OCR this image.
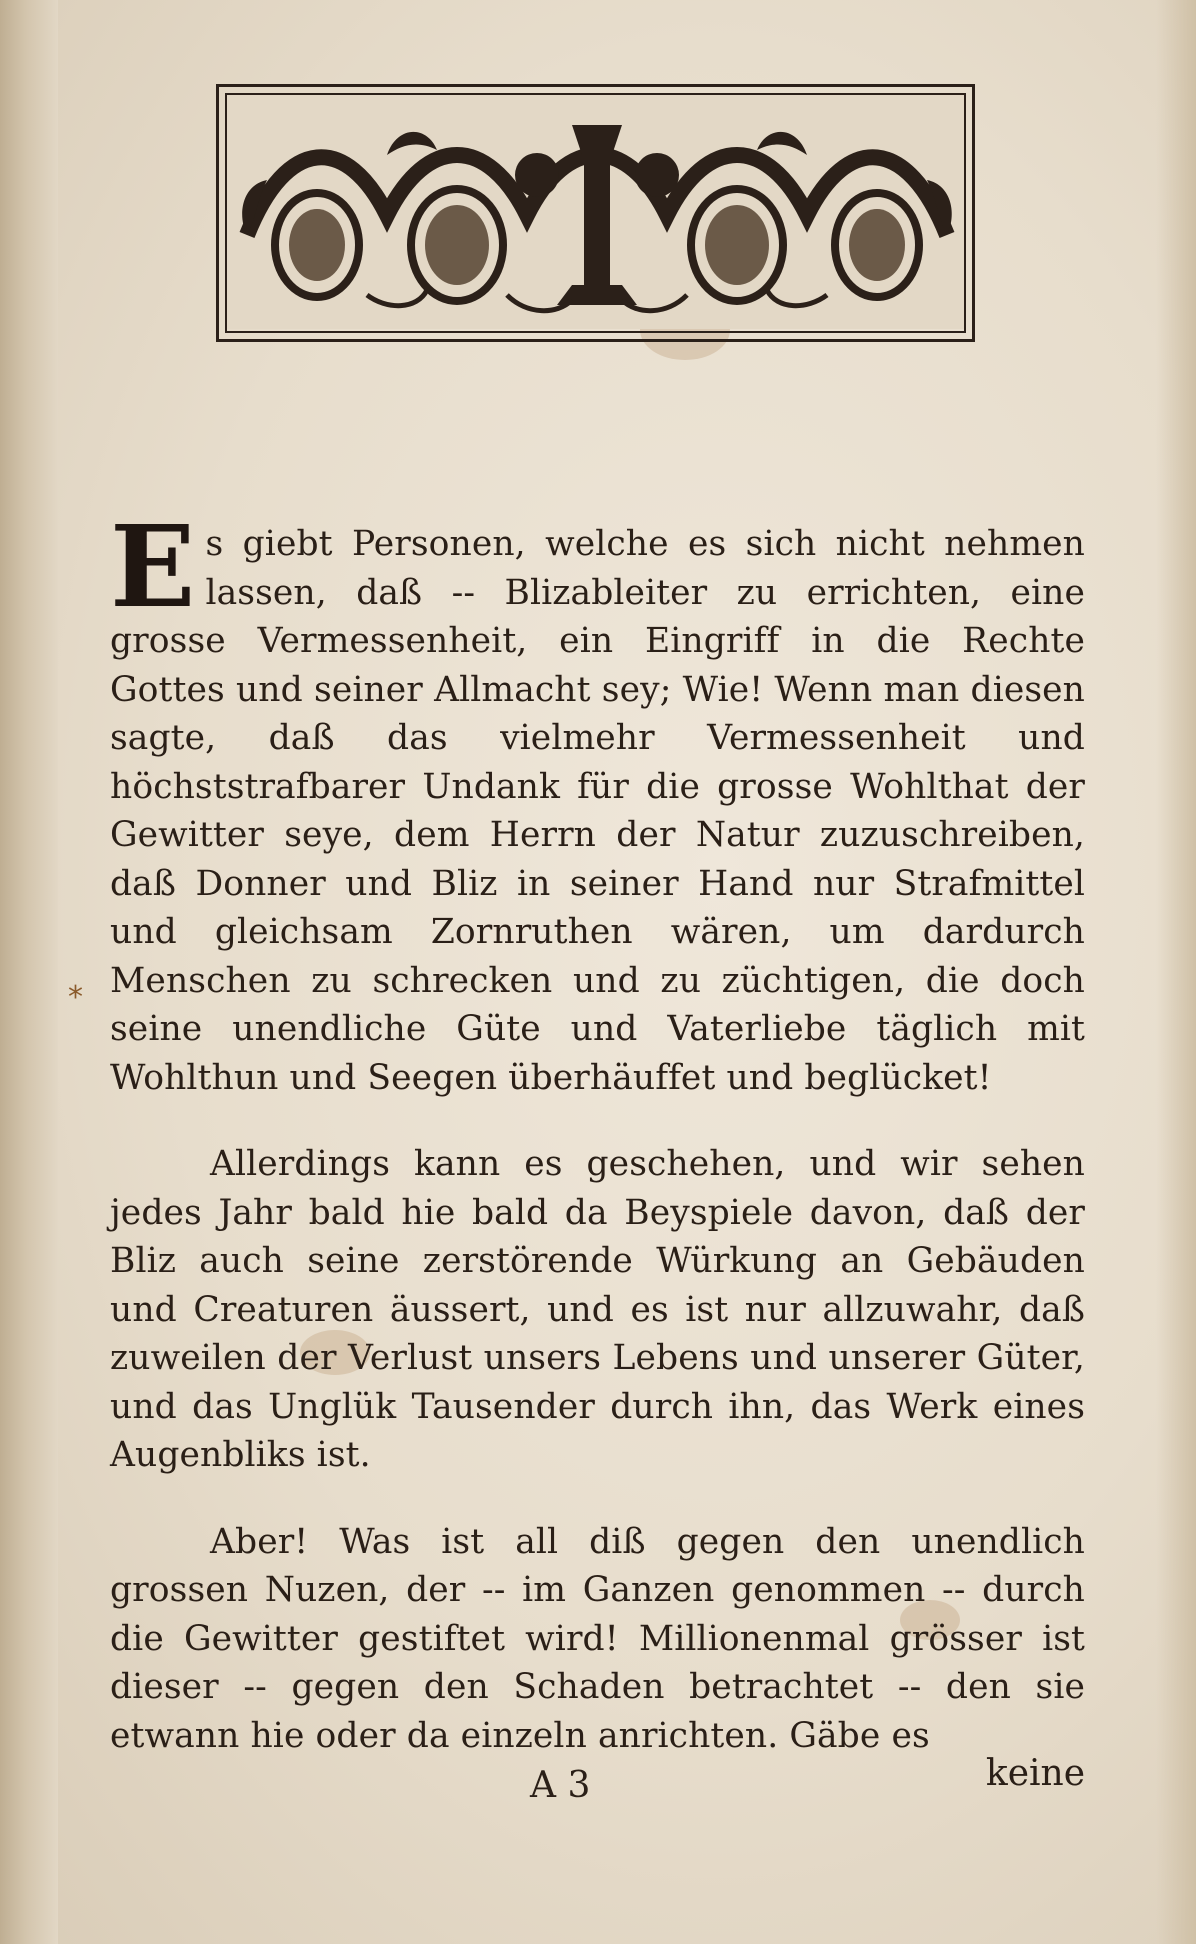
*

Es giebt Personen, welche es sich nicht nehmen lassen, daß -- Blizableiter zu errichten, eine grosse Vermessenheit, ein Eingriff in die Rechte Gottes und seiner Allmacht sey; Wie! Wenn man diesen sagte, daß das vielmehr Vermessenheit und höchststrafbarer Undank für die grosse Wohlthat der Gewitter seye, dem Herrn der Natur zuzuschreiben, daß Donner und Bliz in seiner Hand nur Strafmittel und gleichsam Zornruthen wären, um dardurch Menschen zu schrecken und zu züchtigen, die doch seine unendliche Güte und Vaterliebe täglich mit Wohlthun und Seegen überhäuffet und beglücket!

Allerdings kann es geschehen, und wir sehen jedes Jahr bald hie bald da Beyspiele davon, daß der Bliz auch seine zerstörende Würkung an Gebäuden und Creaturen äussert, und es ist nur allzuwahr, daß zuweilen der Verlust unsers Lebens und unserer Güter, und das Unglük Tausender durch ihn, das Werk eines Augenbliks ist.

Aber! Was ist all diß gegen den unendlich grossen Nuzen, der -- im Ganzen genommen -- durch die Gewitter gestiftet wird! Millionenmal grösser ist dieser -- gegen den Schaden betrachtet -- den sie etwann hie oder da einzeln anrichten. Gäbe es

A 3	keine
